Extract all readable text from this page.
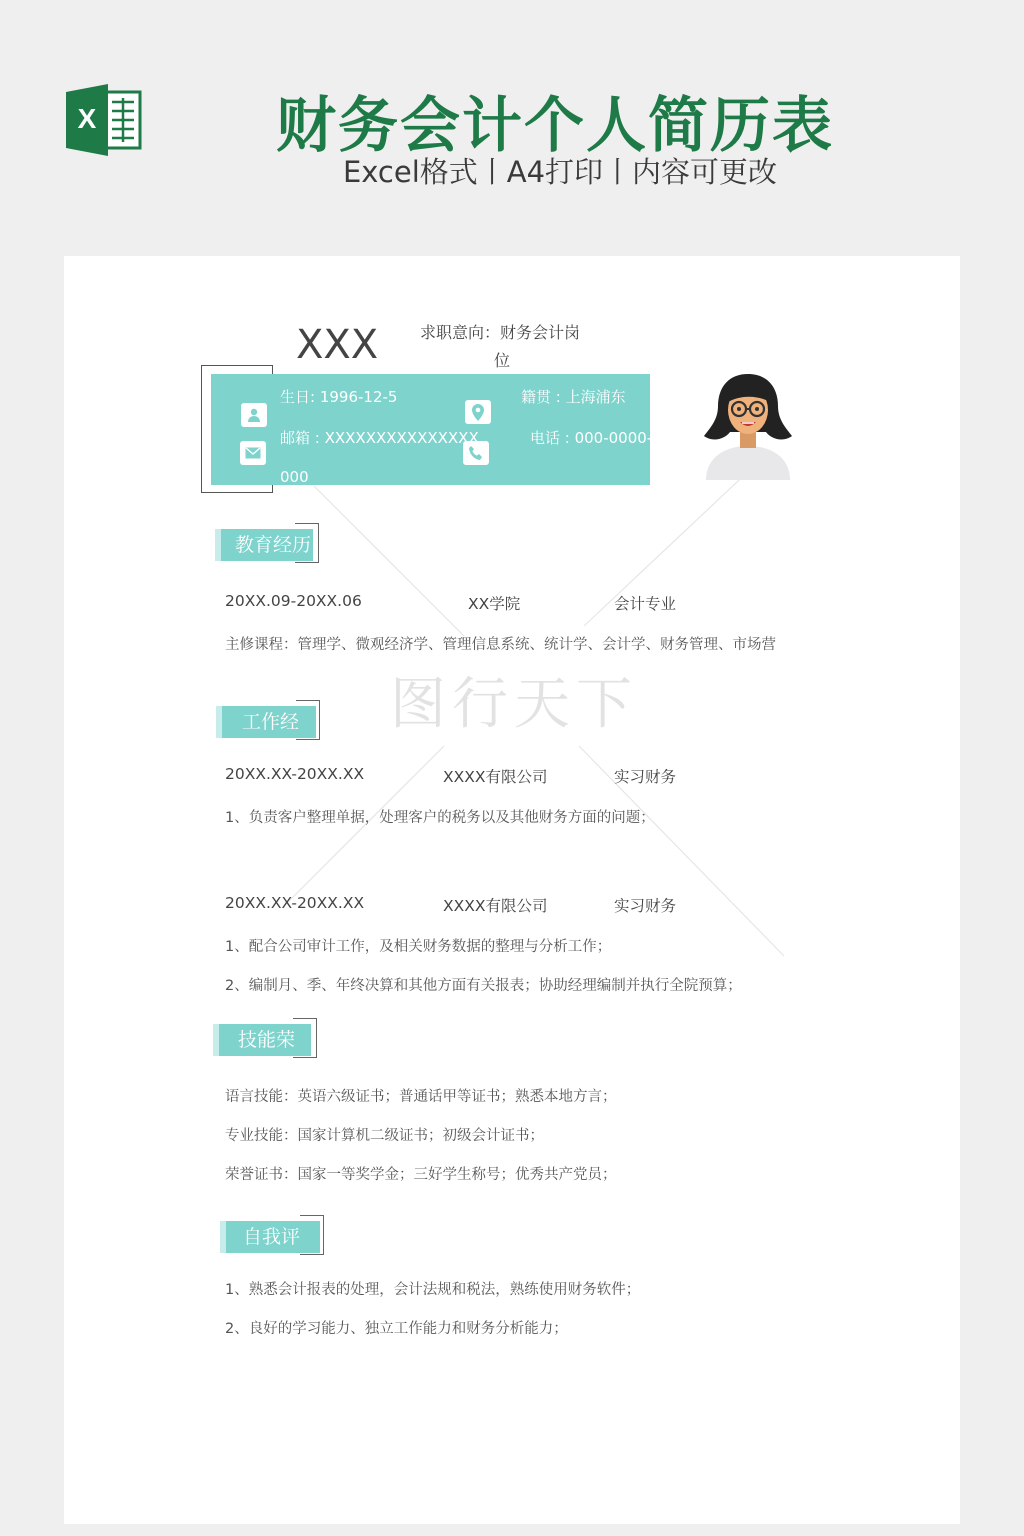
X	财务会计个人简历表
Excel格式丨A4打印丨内容可更改
图行天下
XXX	求职意向：财务会计岗
位
生日: 1996-12-5	籍贯 : 上海浦东
邮箱 : XXXXXXXXXXXXXXX	电话 : 000-0000-
000
教育经历
20XX.09-20XX.06	XX学院	会计专业
主修课程：管理学、微观经济学、管理信息系统、统计学、会计学、财务管理、市场营
工作经
20XX.XX-20XX.XX	XXXX有限公司	实习财务
1、负责客户整理单据，处理客户的税务以及其他财务方面的问题；
20XX.XX-20XX.XX	XXXX有限公司	实习财务
1、配合公司审计工作，及相关财务数据的整理与分析工作；
2、编制月、季、年终决算和其他方面有关报表；协助经理编制并执行全院预算；
技能荣
语言技能：英语六级证书；普通话甲等证书；熟悉本地方言；
专业技能：国家计算机二级证书；初级会计证书；
荣誉证书：国家一等奖学金；三好学生称号；优秀共产党员；
自我评
1、熟悉会计报表的处理，会计法规和税法，熟练使用财务软件；
2、良好的学习能力、独立工作能力和财务分析能力；
